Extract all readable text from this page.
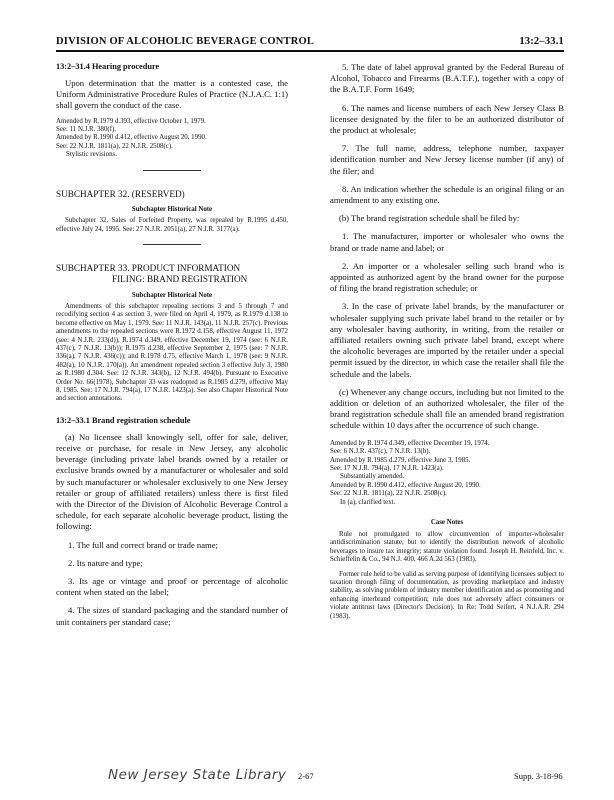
DIVISION OF ALCOHOLIC BEVERAGE CONTROL	13:2–33.1

13:2–31.4 Hearing procedure

Upon determination that the matter is a contested case, the Uniform Administrative Procedure Rules of Practice (N.J.A.C. 1:1) shall govern the conduct of the case.

Amended by R.1979 d.393, effective October 1, 1979.

See: 11 N.J.R. 380(f).

Amended by R.1990 d.412, effective August 20, 1990.

See: 22 N.J.R. 1811(a), 22 N.J.R. 2508(c).

Stylistic revisions.

SUBCHAPTER 32. (RESERVED)

Subchapter Historical Note

Subchapter 32, Sales of Forfeited Property, was repealed by R.1995 d.450, effective July 24, 1995. See: 27 N.J.R. 2051(a), 27 N.J.R. 3177(a).

SUBCHAPTER 33. PRODUCT INFORMATION

FILING: BRAND REGISTRATION

Subchapter Historical Note

Amendments of this subchapter repealing sections 3 and 5 through 7 and recodifying section 4 as section 3, were filed on April 4, 1979, as R.1979 d.138 to become effective on May 1, 1979. See: 11 N.J.R. 143(a), 11 N.J.R. 257(c). Previous amendments to the repealed sections were R.1972 d.158, effective August 11, 1972 (see: 4 N.J.R. 233(d)), R.1974 d.349, effective December 19, 1974 (see: 6 N.J.R. 437(c), 7 N.J.R. 13(b)); R.1975 d.238, effective September 2, 1975 (see: 7 N.J.R. 336(a), 7 N.J.R. 436(c)); and R.1978 d.75, effective March 1, 1978 (see: 9 N.J.R. 482(a), 10 N.J.R. 170(a)). An amendment repealed section 3 effective July 3, 1980 as R.1980 d.304. See: 12 N.J.R. 343(b), 12 N.J.R. 494(b). Pursuant to Executive Order No. 66(1978), Subchapter 33 was readopted as R.1985 d.279, effective May 8, 1985. See: 17 N.J.R. 794(a), 17 N.J.R. 1423(a). See also Chapter Historical Note and section annotations.

13:2–33.1 Brand registration schedule

(a) No licensee shall knowingly sell, offer for sale, deliver, receive or purchase, for resale in New Jersey, any alcoholic beverage (including private label brands owned by a retailer or exclusive brands owned by a manufacturer or wholesaler and sold by such manufacturer or wholesaler exclusively to one New Jersey retailer or group of affiliated retailers) unless there is first filed with the Director of the Division of Alcoholic Beverage Control a schedule, for each separate alcoholic beverage product, listing the following:

1. The full and correct brand or trade name;

2. Its nature and type;

3. Its age or vintage and proof or percentage of alcoholic content when stated on the label;

4. The sizes of standard packaging and the standard number of unit containers per standard case;

5. The date of label approval granted by the Federal Bureau of Alcohol, Tobacco and Firearms (B.A.T.F.), together with a copy of the B.A.T.F. Form 1649;

6. The names and license numbers of each New Jersey Class B licensee designated by the filer to be an authorized distributor of the product at wholesale;

7. The full name, address, telephone number, taxpayer identification number and New Jersey license number (if any) of the filer; and

8. An indication whether the schedule is an original filing or an amendment to any existing one.

(b) The brand registration schedule shall be filed by:

1. The manufacturer, importer or wholesaler who owns the brand or trade name and label; or

2. An importer or a wholesaler selling such brand who is appointed as authorized agent by the brand owner for the purpose of filing the brand registration schedule; or

3. In the case of private label brands, by the manufacturer or wholesaler supplying such private label brand to the retailer or by any wholesaler having authority, in writing, from the retailer or affiliated retailers owning such private label brand, except where the alcoholic beverages are imported by the retailer under a special permit issued by the director, in which case the retailer shall file the schedule and the labels.

(c) Whenever any change occurs, including but not limited to the addition or deletion of an authorized wholesaler, the filer of the brand registration schedule shall file an amended brand registration schedule within 10 days after the occurrence of such change.

Amended by R.1974 d.349, effective December 19, 1974.

See: 6 N.J.R. 437(c), 7 N.J.R. 13(b).

Amended by R.1985 d.279, effective June 3, 1985.

See: 17 N.J.R. 794(a), 17 N.J.R. 1423(a).

Substantially amended.

Amended by R.1990 d.412, effective August 20, 1990.

See: 22 N.J.R. 1811(a), 22 N.J.R. 2508(c).

In (a), clarified text.

Case Notes

Rule not promulgated to allow circumvention of importer-wholesaler antidiscrimination statute, but to identify the distribution network of alcoholic beverages to insure tax integrity; statute violation found. Joseph H. Reinfeld, Inc. v. Schieffelin & Co., 94 N.J. 400, 466 A.2d 563 (1983).

Former rule held to be valid as serving purpose of identifying licensees subject to taxation through filing of documentation, as providing marketplace and industry stability, as solving problem of industry member identification and as promoting and enhancing interbrand competition; rule does not adversely affect consumers or violate antitrust laws (Director's Decision). In Re: Todd Seifert, 4 N.J.A.R. 294 (1983).

New Jersey State Library 2-67	Supp. 3-18-96
